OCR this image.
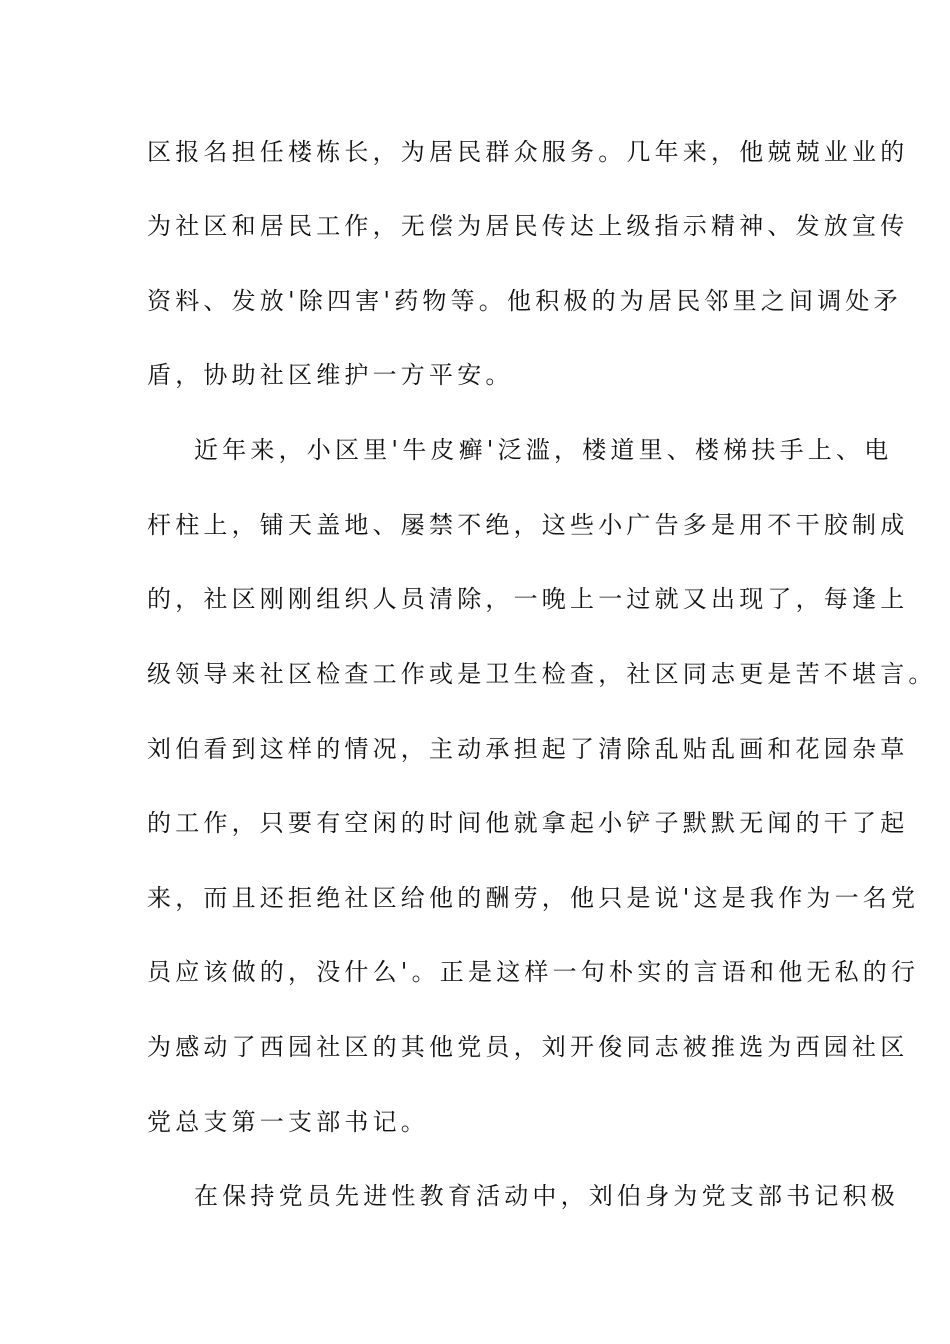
区报名担任楼栋长，为居民群众服务。几年来，他兢兢业业的
为社区和居民工作，无偿为居民传达上级指示精神、发放宣传
资料、发放'除四害'药物等。他积极的为居民邻里之间调处矛
盾，协助社区维护一方平安。
近年来，小区里'牛皮癣'泛滥，楼道里、楼梯扶手上、电
杆柱上，铺天盖地、屡禁不绝，这些小广告多是用不干胶制成
的，社区刚刚组织人员清除，一晚上一过就又出现了，每逢上
级领导来社区检查工作或是卫生检查，社区同志更是苦不堪言。
刘伯看到这样的情况，主动承担起了清除乱贴乱画和花园杂草
的工作，只要有空闲的时间他就拿起小铲子默默无闻的干了起
来，而且还拒绝社区给他的酬劳，他只是说'这是我作为一名党
员应该做的，没什么'。正是这样一句朴实的言语和他无私的行
为感动了西园社区的其他党员，刘开俊同志被推选为西园社区
党总支第一支部书记。
在保持党员先进性教育活动中，刘伯身为党支部书记积极
